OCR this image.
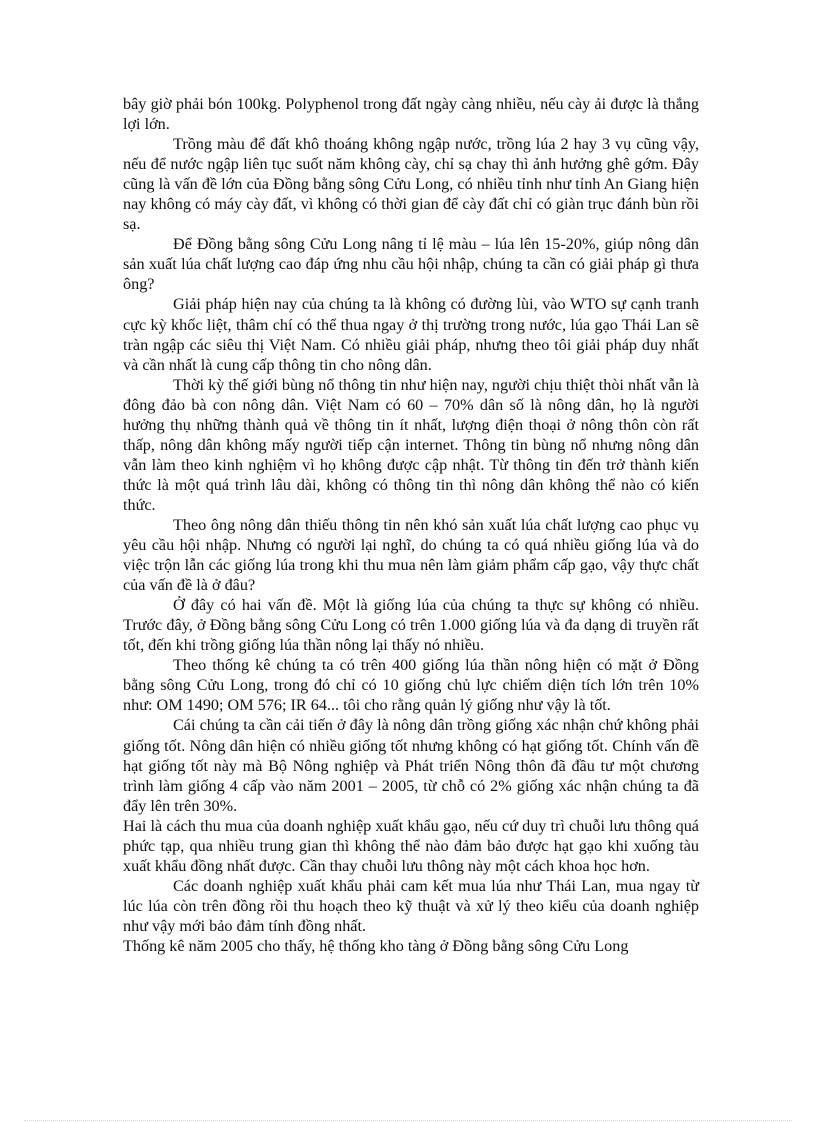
bây giờ phải bón 100kg. Polyphenol trong đất ngày càng nhiều, nếu cày ải được là thắng lợi lớn.

Trồng màu để đất khô thoáng không ngập nước, trồng lúa 2 hay 3 vụ cũng vậy, nếu để nước ngập liên tục suốt năm không cày, chỉ sạ chay thì ảnh hưởng ghê gớm. Đây cũng là vấn đề lớn của Đồng bằng sông Cửu Long, có nhiều tỉnh như tỉnh An Giang hiện nay không có máy cày đất, vì không có thời gian để cày đất chỉ có giàn trục đánh bùn rồi sạ.

Để Đồng bằng sông Cửu Long nâng tỉ lệ màu – lúa lên 15-20%, giúp nông dân sản xuất lúa chất lượng cao đáp ứng nhu cầu hội nhập, chúng ta cần có giải pháp gì thưa ông?

Giải pháp hiện nay của chúng ta là không có đường lùi, vào WTO sự cạnh tranh cực kỳ khốc liệt, thâm chí có thể thua ngay ở thị trường trong nước, lúa gạo Thái Lan sẽ tràn ngập các siêu thị Việt Nam. Có nhiều giải pháp, nhưng theo tôi giải pháp duy nhất và cần nhất là cung cấp thông tin cho nông dân.

Thời kỳ thế giới bùng nổ thông tin như hiện nay, người chịu thiệt thòi nhất vẫn là đông đảo bà con nông dân. Việt Nam có 60 – 70% dân số là nông dân, họ là người hưởng thụ những thành quả về thông tin ít nhất, lượng điện thoại ở nông thôn còn rất thấp, nông dân không mấy người tiếp cận internet. Thông tin bùng nổ nhưng nông dân vẫn làm theo kinh nghiệm vì họ không được cập nhật. Từ thông tin đến trở thành kiến thức là một quá trình lâu dài, không có thông tin thì nông dân không thể nào có kiến thức.

Theo ông nông dân thiếu thông tin nên khó sản xuất lúa chất lượng cao phục vụ yêu cầu hội nhập. Nhưng có người lại nghĩ, do chúng ta có quá nhiều giống lúa và do việc trộn lẫn các giống lúa trong khi thu mua nên làm giảm phẩm cấp gạo, vậy thực chất của vấn đề là ở đâu?

Ở đây có hai vấn đề. Một là giống lúa của chúng ta thực sự không có nhiều. Trước đây, ở Đồng bằng sông Cửu Long có trên 1.000 giống lúa và đa dạng di truyền rất tốt, đến khi trồng giống lúa thần nông lại thấy nó nhiều.

Theo thống kê chúng ta có trên 400 giống lúa thần nông hiện có mặt ở Đồng bằng sông Cửu Long, trong đó chỉ có 10 giống chủ lực chiếm diện tích lớn trên 10% như: OM 1490; OM 576; IR 64... tôi cho rằng quản lý giống như vậy là tốt.

Cái chúng ta cần cải tiến ở đây là nông dân trồng giống xác nhận chứ không phải giống tốt. Nông dân hiện có nhiều giống tốt nhưng không có hạt giống tốt. Chính vấn đề hạt giống tốt này mà Bộ Nông nghiệp và Phát triển Nông thôn đã đầu tư một chương trình làm giống 4 cấp vào năm 2001 – 2005, từ chỗ có 2% giống xác nhận chúng ta đã đẩy lên trên 30%.

Hai là cách thu mua của doanh nghiệp xuất khẩu gạo, nếu cứ duy trì chuỗi lưu thông quá phức tạp, qua nhiều trung gian thì không thể nào đảm bảo được hạt gạo khi xuống tàu xuất khẩu đồng nhất được. Cần thay chuỗi lưu thông này một cách khoa học hơn.

Các doanh nghiệp xuất khẩu phải cam kết mua lúa như Thái Lan, mua ngay từ lúc lúa còn trên đồng rồi thu hoạch theo kỹ thuật và xử lý theo kiểu của doanh nghiệp như vậy mới bảo đảm tính đồng nhất.

Thống kê năm 2005 cho thấy, hệ thống kho tàng ở Đồng bằng sông Cửu Long
